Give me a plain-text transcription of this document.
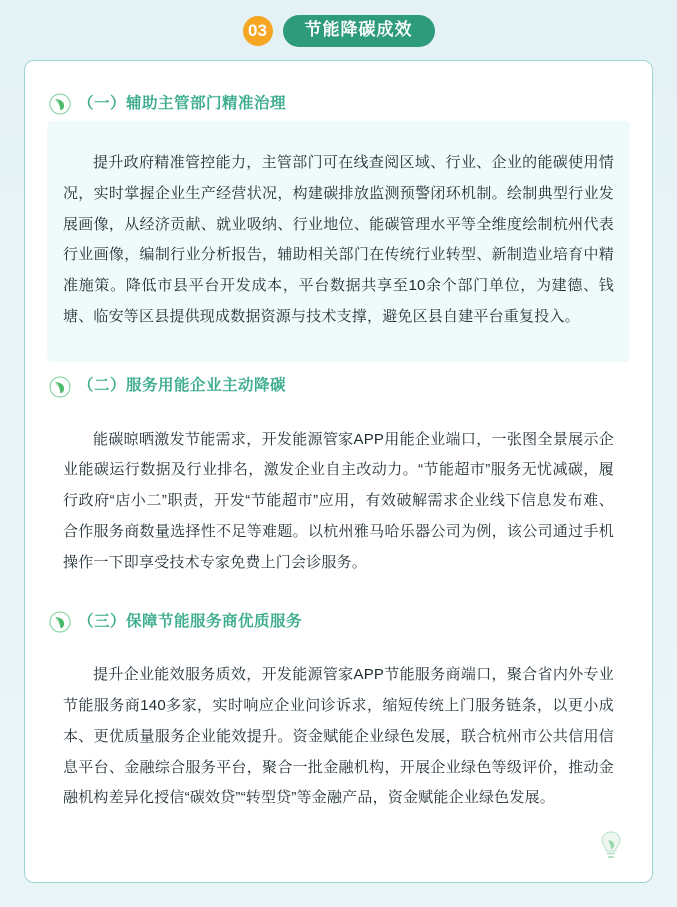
03	节能降碳成效
（一）辅助主管部门精准治理

提升政府精准管控能力，主管部门可在线查阅区域、行业、企业的能碳使用情况，实时掌握企业生产经营状况，构建碳排放监测预警闭环机制。绘制典型行业发展画像，从经济贡献、就业吸纳、行业地位、能碳管理水平等全维度绘制杭州代表行业画像，编制行业分析报告，辅助相关部门在传统行业转型、新制造业培育中精准施策。降低市县平台开发成本，平台数据共享至10余个部门单位，为建德、钱塘、临安等区县提供现成数据资源与技术支撑，避免区县自建平台重复投入。

（二）服务用能企业主动降碳

能碳晾晒激发节能需求，开发能源管家APP用能企业端口，一张图全景展示企业能碳运行数据及行业排名，激发企业自主改动力。“节能超市”服务无忧减碳，履行政府“店小二”职责，开发“节能超市”应用，有效破解需求企业线下信息发布难、合作服务商数量选择性不足等难题。以杭州雅马哈乐器公司为例，该公司通过手机操作一下即享受技术专家免费上门会诊服务。

（三）保障节能服务商优质服务

提升企业能效服务质效，开发能源管家APP节能服务商端口，聚合省内外专业节能服务商140多家，实时响应企业问诊诉求，缩短传统上门服务链条，以更小成本、更优质量服务企业能效提升。资金赋能企业绿色发展，联合杭州市公共信用信息平台、金融综合服务平台，聚合一批金融机构，开展企业绿色等级评价，推动金融机构差异化授信“碳效贷”“转型贷”等金融产品，资金赋能企业绿色发展。
